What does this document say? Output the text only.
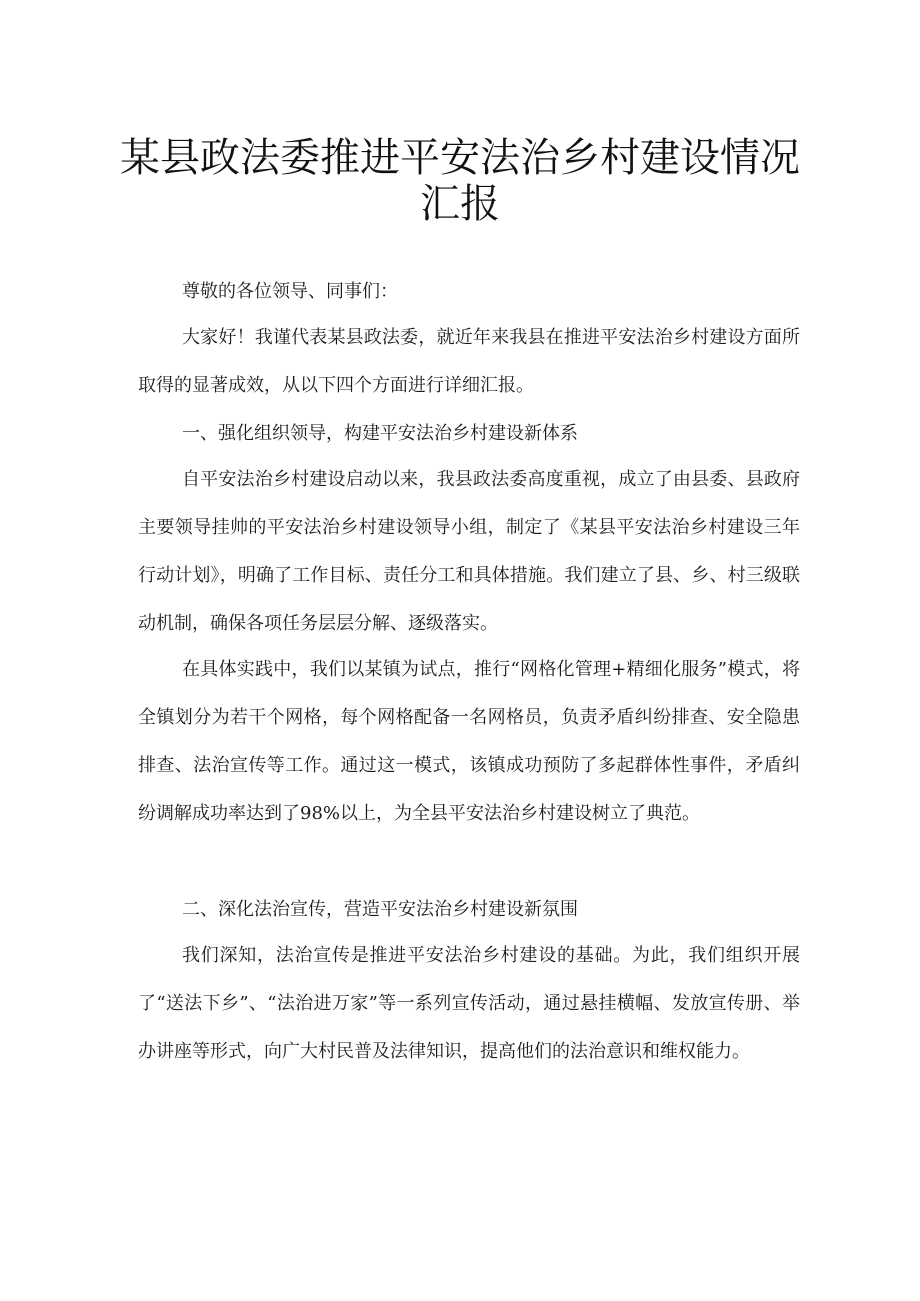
某县政法委推进平安法治乡村建设情况
汇报

尊敬的各位领导、同事们：

大家好！我谨代表某县政法委，就近年来我县在推进平安法治乡村建设方面所取得的显著成效，从以下四个方面进行详细汇报。

一、强化组织领导，构建平安法治乡村建设新体系

自平安法治乡村建设启动以来，我县政法委高度重视，成立了由县委、县政府主要领导挂帅的平安法治乡村建设领导小组，制定了《某县平安法治乡村建设三年行动计划》，明确了工作目标、责任分工和具体措施。我们建立了县、乡、村三级联动机制，确保各项任务层层分解、逐级落实。

在具体实践中，我们以某镇为试点，推行“网格化管理+精细化服务”模式，将全镇划分为若干个网格，每个网格配备一名网格员，负责矛盾纠纷排查、安全隐患排查、法治宣传等工作。通过这一模式，该镇成功预防了多起群体性事件，矛盾纠纷调解成功率达到了98%以上，为全县平安法治乡村建设树立了典范。

二、深化法治宣传，营造平安法治乡村建设新氛围

我们深知，法治宣传是推进平安法治乡村建设的基础。为此，我们组织开展了“送法下乡”、“法治进万家”等一系列宣传活动，通过悬挂横幅、发放宣传册、举办讲座等形式，向广大村民普及法律知识，提高他们的法治意识和维权能力。
